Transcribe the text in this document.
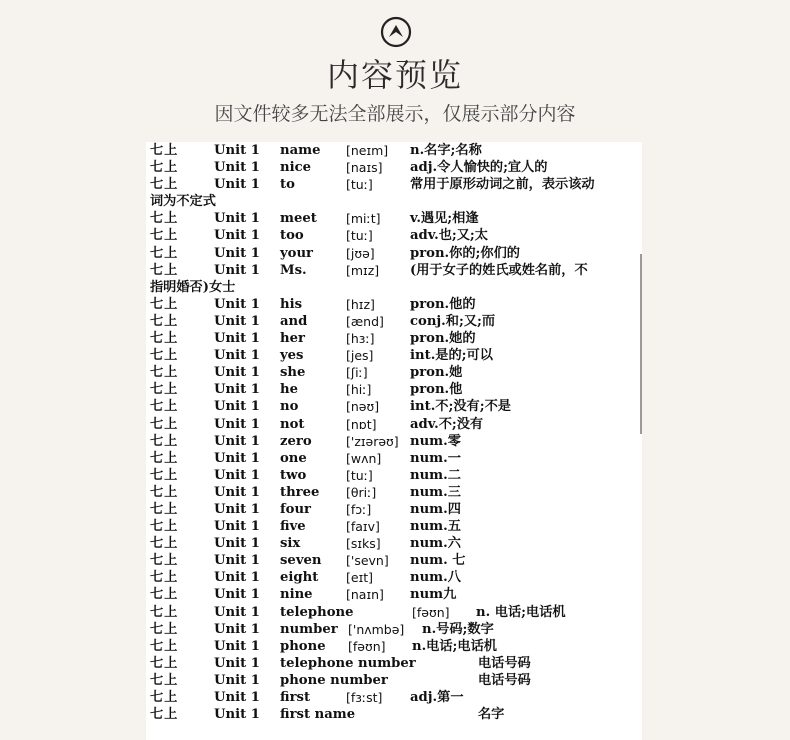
内容预览
因文件较多无法全部展示，仅展示部分内容
七上	Unit 1 name [neɪm] n.名字;名称
七上	Unit 1 nice	[naɪs] adj.令人愉快的;宜人的
七上	Unit 1 to	[tuː]	常用于原形动词之前，表示该动
词为不定式
七上	Unit 1 meet [miːt] v.遇见;相逢
七上	Unit 1 too	[tuː]	adv.也;又;太
七上	Unit 1 your	[jʊə]	pron.你的;你们的
七上	Unit 1 Ms.	[mɪz] (用于女子的姓氏或姓名前，不
指明婚否)女士
七上	Unit 1 his	[hɪz]	pron.他的
七上	Unit 1 and	[ænd] conj.和;又;而
七上	Unit 1 her	[hɜː]	pron.她的
七上	Unit 1 yes	[jes]	int.是的;可以
七上	Unit 1 she	[ʃiː]	pron.她
七上	Unit 1 he	[hiː]	pron.他
七上	Unit 1 no	[nəʊ] int.不;没有;不是
七上	Unit 1 not	[nɒt]	adv.不;没有
七上	Unit 1 zero	['zɪərəʊ] num.零
七上	Unit 1 one	[wʌn] num.一
七上	Unit 1 two	[tuː]	num.二
七上	Unit 1 three [θriː]	num.三
七上	Unit 1 four	[fɔː]	num.四
七上	Unit 1 five	[faɪv] num.五
七上	Unit 1 six	[sɪks] num.六
七上	Unit 1 seven ['sevn] num. 七
七上	Unit 1 eight [eɪt]	num.八
七上	Unit 1 nine	[naɪn] num九
七上	Unit 1 telephone	[fəʊn] n. 电话;电话机
七上	Unit 1 number ['nʌmbə] n.号码;数字
七上	Unit 1 phone [fəʊn] n.电话;电话机
七上	Unit 1 telephone number	电话号码
七上	Unit 1 phone number	电话号码
七上	Unit 1 first	[fɜːst] adj.第一
七上	Unit 1 first name	名字
